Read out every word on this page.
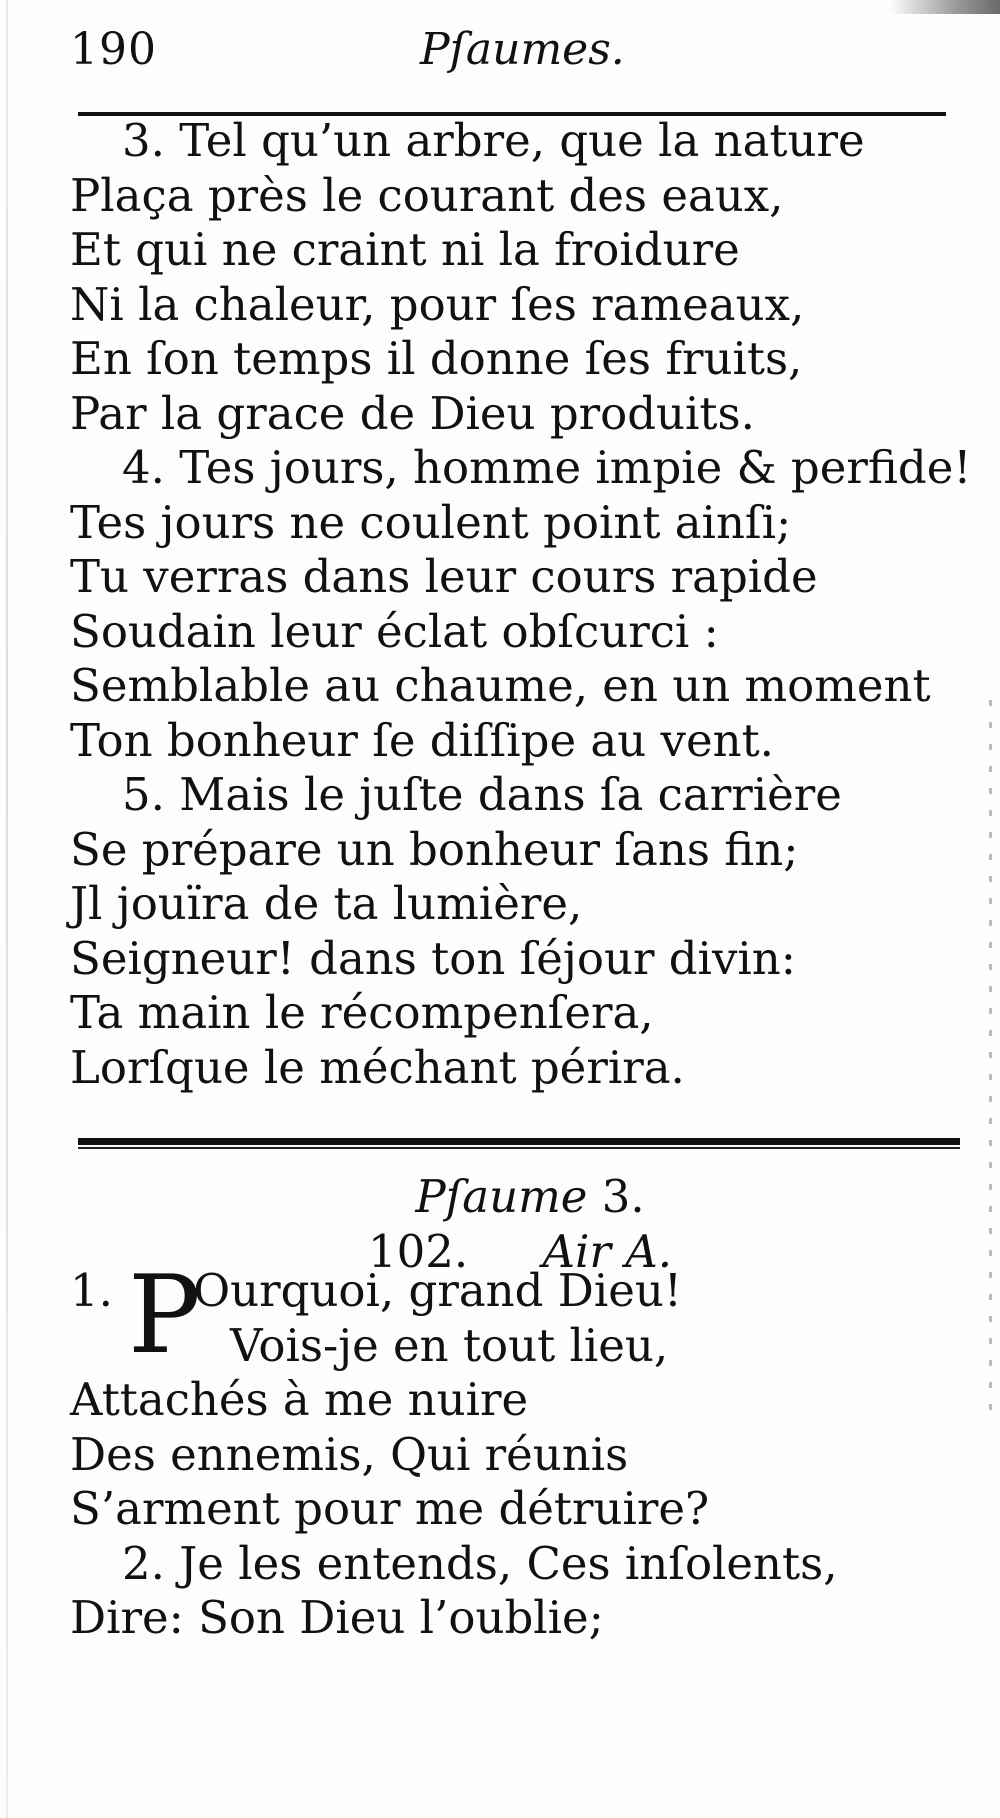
190	Pſaumes.
3. Tel qu’un arbre, que la nature
Plaça près le courant des eaux,
Et qui ne craint ni la froidure
Ni la chaleur, pour ſes rameaux,
En ſon temps il donne ſes fruits,
Par la grace de Dieu produits.
4. Tes jours, homme impie & perfide!
Tes jours ne coulent point ainſi;
Tu verras dans leur cours rapide
Soudain leur éclat obſcurci :
Semblable au chaume, en un moment
Ton bonheur ſe diſſipe au vent.
5. Mais le juſte dans ſa carrière
Se prépare un bonheur ſans fin;
Jl jouïra de ta lumière,
Seigneur! dans ton ſéjour divin:
Ta main le récompenſera,
Lorſque le méchant périra.
Pſaume 3.
102. Air A.
1. P
Ourquoi, grand Dieu!
Vois-je en tout lieu,
Attachés à me nuire
Des ennemis, Qui réunis
S’arment pour me détruire?
2. Je les entends, Ces inſolents,
Dire: Son Dieu l’oublie;
